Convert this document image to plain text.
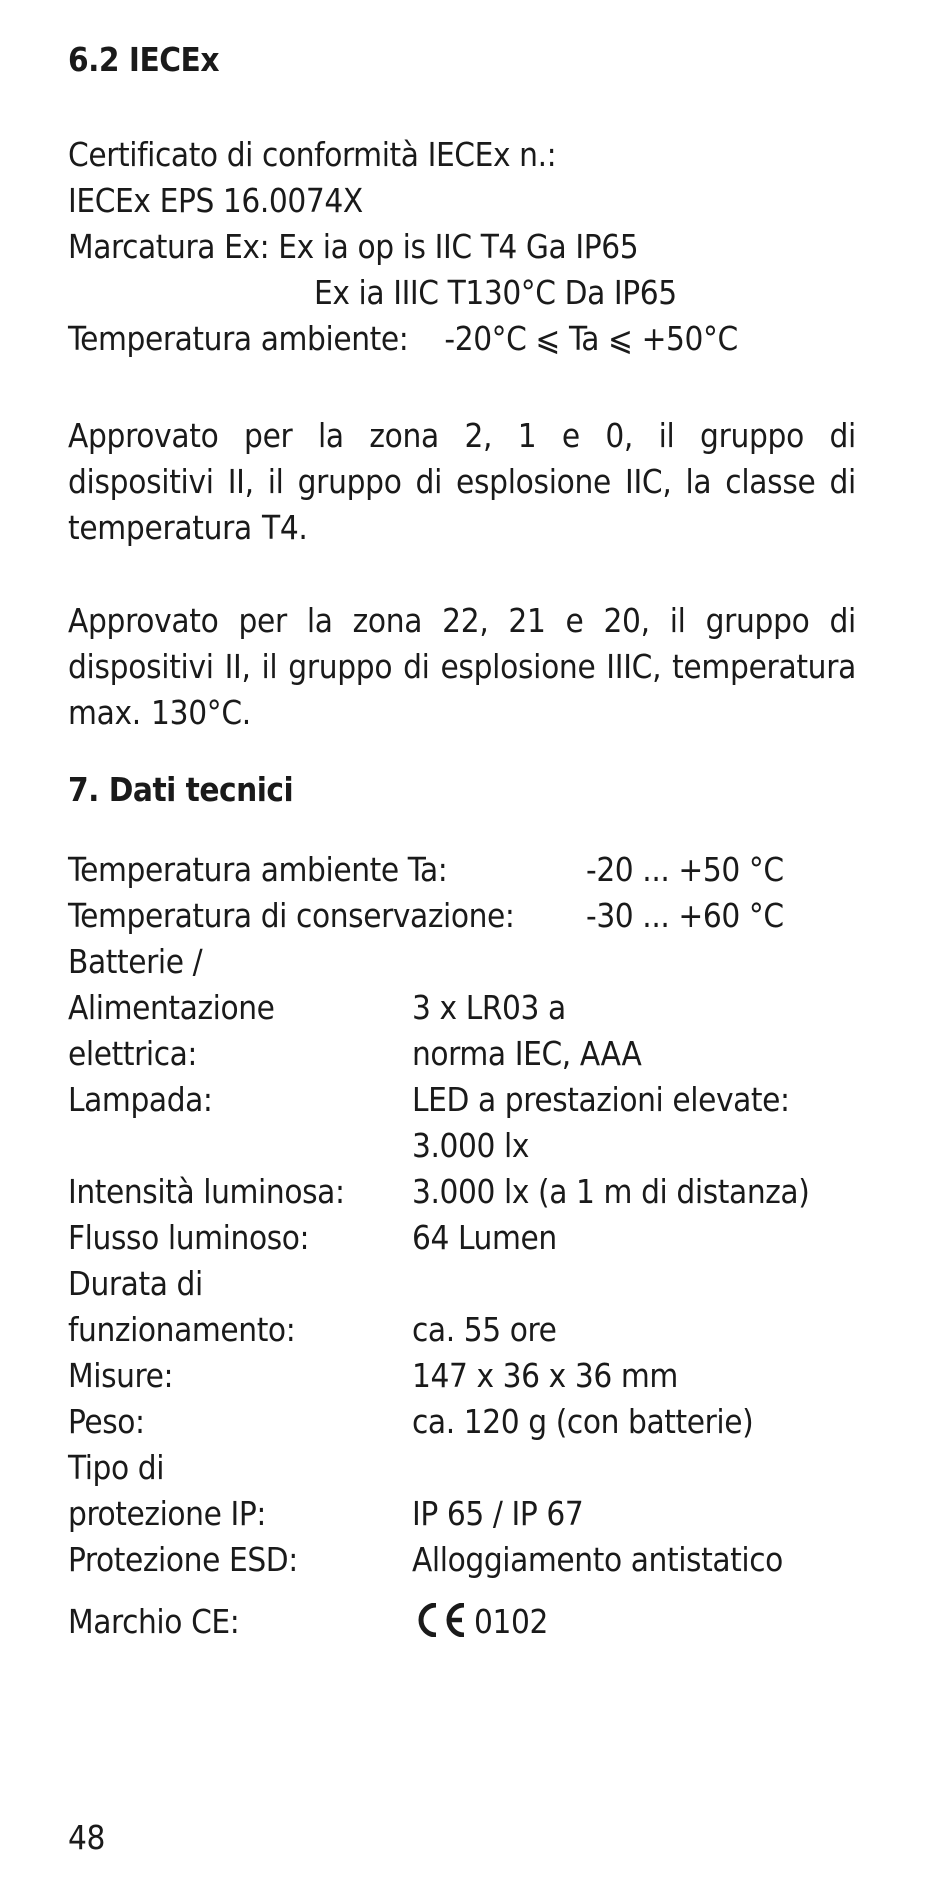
6.2 IECEx
Certificato di conformità IECEx n.:
IECEx EPS 16.0074X
Marcatura Ex: Ex ia op is IIC T4 Ga IP65
Ex ia IIIC T130°C Da IP65
Temperatura ambiente: -20°C ⩽ Ta ⩽ +50°C
Approvato per la zona 2, 1 e 0, il gruppo di dispositivi II, il gruppo di esplosione IIC, la classe di temperatura T4.
Approvato per la zona 22, 21 e 20, il gruppo di dispositivi II, il gruppo di esplosione IIIC, temperatura max. 130°C.
7. Dati tecnici
Temperatura ambiente Ta:	-20 ... +50 °C
Temperatura di conservazione:	-30 ... +60 °C
Batterie /
Alimentazione	3 x LR03 a
elettrica:	norma IEC, AAA
Lampada:	LED a prestazioni elevate:
3.000 lx
Intensità luminosa:	3.000 lx (a 1 m di distanza)
Flusso luminoso:	64 Lumen
Durata di
funzionamento:	ca. 55 ore
Misure:	147 x 36 x 36 mm
Peso:	ca. 120 g (con batterie)
Tipo di
protezione IP:	IP 65 / IP 67
Protezione ESD:	Alloggiamento antistatico
Marchio CE:	0102
48
